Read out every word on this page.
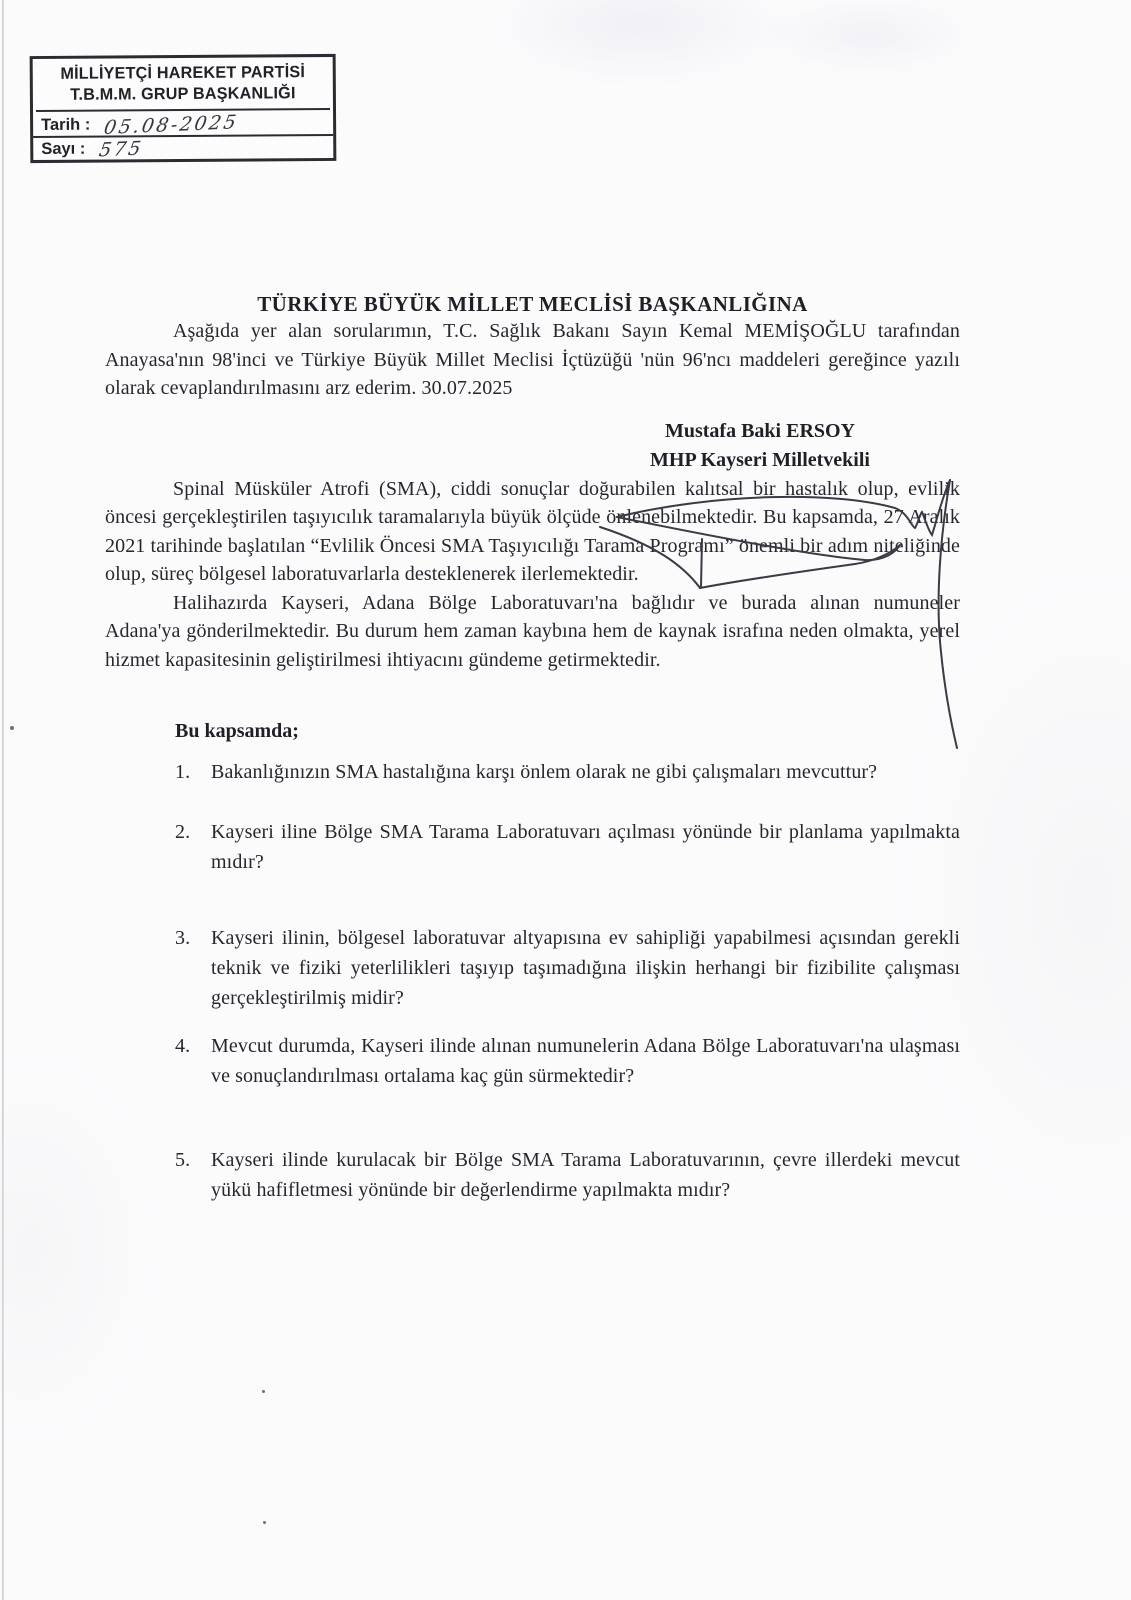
MİLLİYETÇİ HAREKET PARTİSİ
T.B.M.M. GRUP BAŞKANLIĞI
Tarih : 05.08-2025
Sayı : 575
TÜRKİYE BÜYÜK MİLLET MECLİSİ BAŞKANLIĞINA

Aşağıda yer alan sorularımın, T.C. Sağlık Bakanı Sayın Kemal MEMİŞOĞLU tarafından Anayasa'nın 98'inci ve Türkiye Büyük Millet Meclisi İçtüzüğü 'nün 96'ncı maddeleri gereğince yazılı olarak cevaplandırılmasını arz ederim. 30.07.2025

Mustafa Baki ERSOY
MHP Kayseri Milletvekili

Spinal Müsküler Atrofi (SMA), ciddi sonuçlar doğurabilen kalıtsal bir hastalık olup, evlilik öncesi gerçekleştirilen taşıyıcılık taramalarıyla büyük ölçüde önlenebilmektedir. Bu kapsamda, 27 Aralık 2021 tarihinde başlatılan “Evlilik Öncesi SMA Taşıyıcılığı Tarama Programı” önemli bir adım niteliğinde olup, süreç bölgesel laboratuvarlarla desteklenerek ilerlemektedir.

Halihazırda Kayseri, Adana Bölge Laboratuvarı'na bağlıdır ve burada alınan numuneler Adana'ya gönderilmektedir. Bu durum hem zaman kaybına hem de kaynak israfına neden olmakta, yerel hizmet kapasitesinin geliştirilmesi ihtiyacını gündeme getirmektedir.

Bu kapsamda;
1.	Bakanlığınızın SMA hastalığına karşı önlem olarak ne gibi çalışmaları mevcuttur?
2.	Kayseri iline Bölge SMA Tarama Laboratuvarı açılması yönünde bir planlama yapılmakta mıdır?
3.	Kayseri ilinin, bölgesel laboratuvar altyapısına ev sahipliği yapabilmesi açısından gerekli teknik ve fiziki yeterlilikleri taşıyıp taşımadığına ilişkin herhangi bir fizibilite çalışması gerçekleştirilmiş midir?
4.	Mevcut durumda, Kayseri ilinde alınan numunelerin Adana Bölge Laboratuvarı'na ulaşması ve sonuçlandırılması ortalama kaç gün sürmektedir?
5.	Kayseri ilinde kurulacak bir Bölge SMA Tarama Laboratuvarının, çevre illerdeki mevcut yükü hafifletmesi yönünde bir değerlendirme yapılmakta mıdır?
